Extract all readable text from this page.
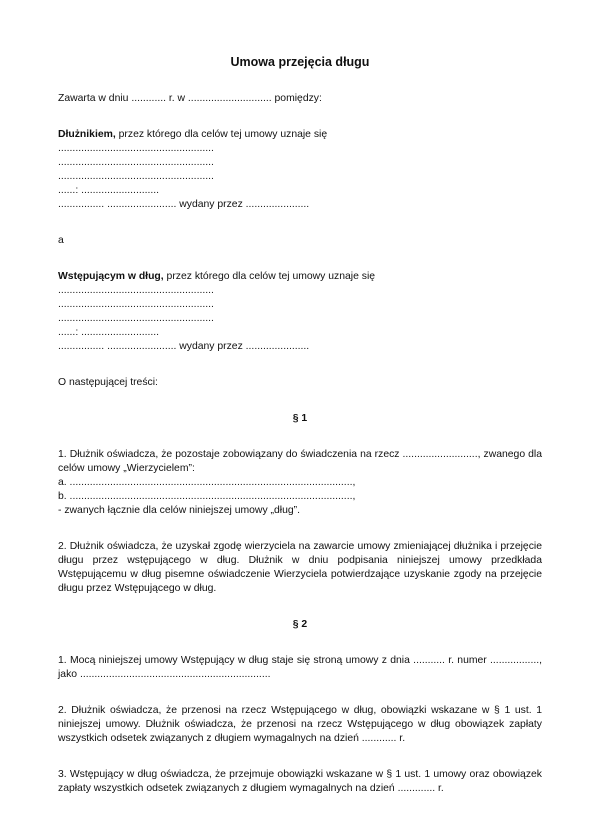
Umowa przejęcia długu

Zawarta w dniu ............ r. w ............................. pomiędzy:

Dłużnikiem, przez którego dla celów tej umowy uznaje się

......................................................

......................................................

......................................................

......: ...........................

................ ........................ wydany przez ......................

a

Wstępującym w dług, przez którego dla celów tej umowy uznaje się

......................................................

......................................................

......................................................

......: ...........................

................ ........................ wydany przez ......................

O następującej treści:

§ 1

1. Dłużnik oświadcza, że pozostaje zobowiązany do świadczenia na rzecz .........................., zwanego dla celów umowy „Wierzycielem”:

a. ..................................................................................................,

b. ..................................................................................................,

- zwanych łącznie dla celów niniejszej umowy „dług”.

2. Dłużnik oświadcza, że uzyskał zgodę wierzyciela na zawarcie umowy zmieniającej dłużnika i przejęcie długu przez wstępującego w dług. Dłużnik w dniu podpisania niniejszej umowy przedkłada Wstępującemu w dług pisemne oświadczenie Wierzyciela potwierdzające uzyskanie zgody na przejęcie długu przez Wstępującego w dług.

§ 2

1. Mocą niniejszej umowy Wstępujący w dług staje się stroną umowy z dnia ........... r. numer ................., jako ..................................................................

2. Dłużnik oświadcza, że przenosi na rzecz Wstępującego w dług, obowiązki wskazane w § 1 ust. 1 niniejszej umowy. Dłużnik oświadcza, że przenosi na rzecz Wstępującego w dług obowiązek zapłaty wszystkich odsetek związanych z długiem wymagalnych na dzień ............ r.

3. Wstępujący w dług oświadcza, że przejmuje obowiązki wskazane w § 1 ust. 1 umowy oraz obowiązek zapłaty wszystkich odsetek związanych z długiem wymagalnych na dzień ............. r.
